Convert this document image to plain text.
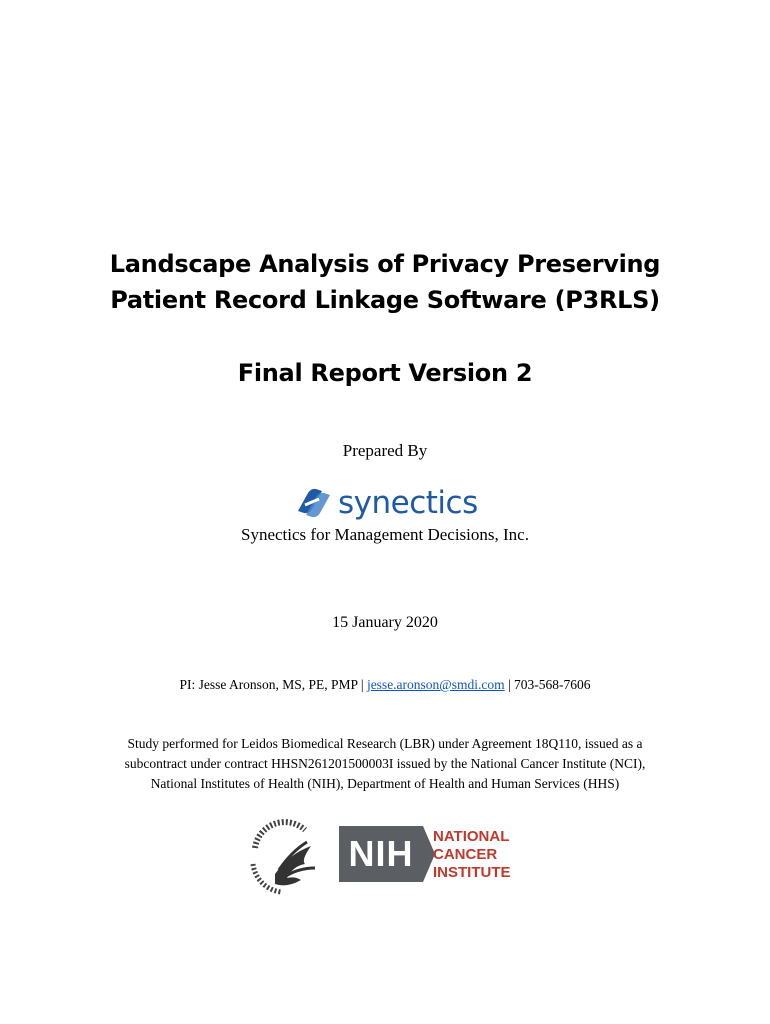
Landscape Analysis of Privacy Preserving
Patient Record Linkage Software (P3RLS)
Final Report Version 2
Prepared By
synectics
Synectics for Management Decisions, Inc.
15 January 2020
PI: Jesse Aronson, MS, PE, PMP | jesse.aronson@smdi.com | 703-568-7606
Study performed for Leidos Biomedical Research (LBR) under Agreement 18Q110, issued as a
subcontract under contract HHSN261201500003I issued by the National Cancer Institute (NCI),
National Institutes of Health (NIH), Department of Health and Human Services (HHS)
NIH NATIONAL
CANCER
INSTITUTE
